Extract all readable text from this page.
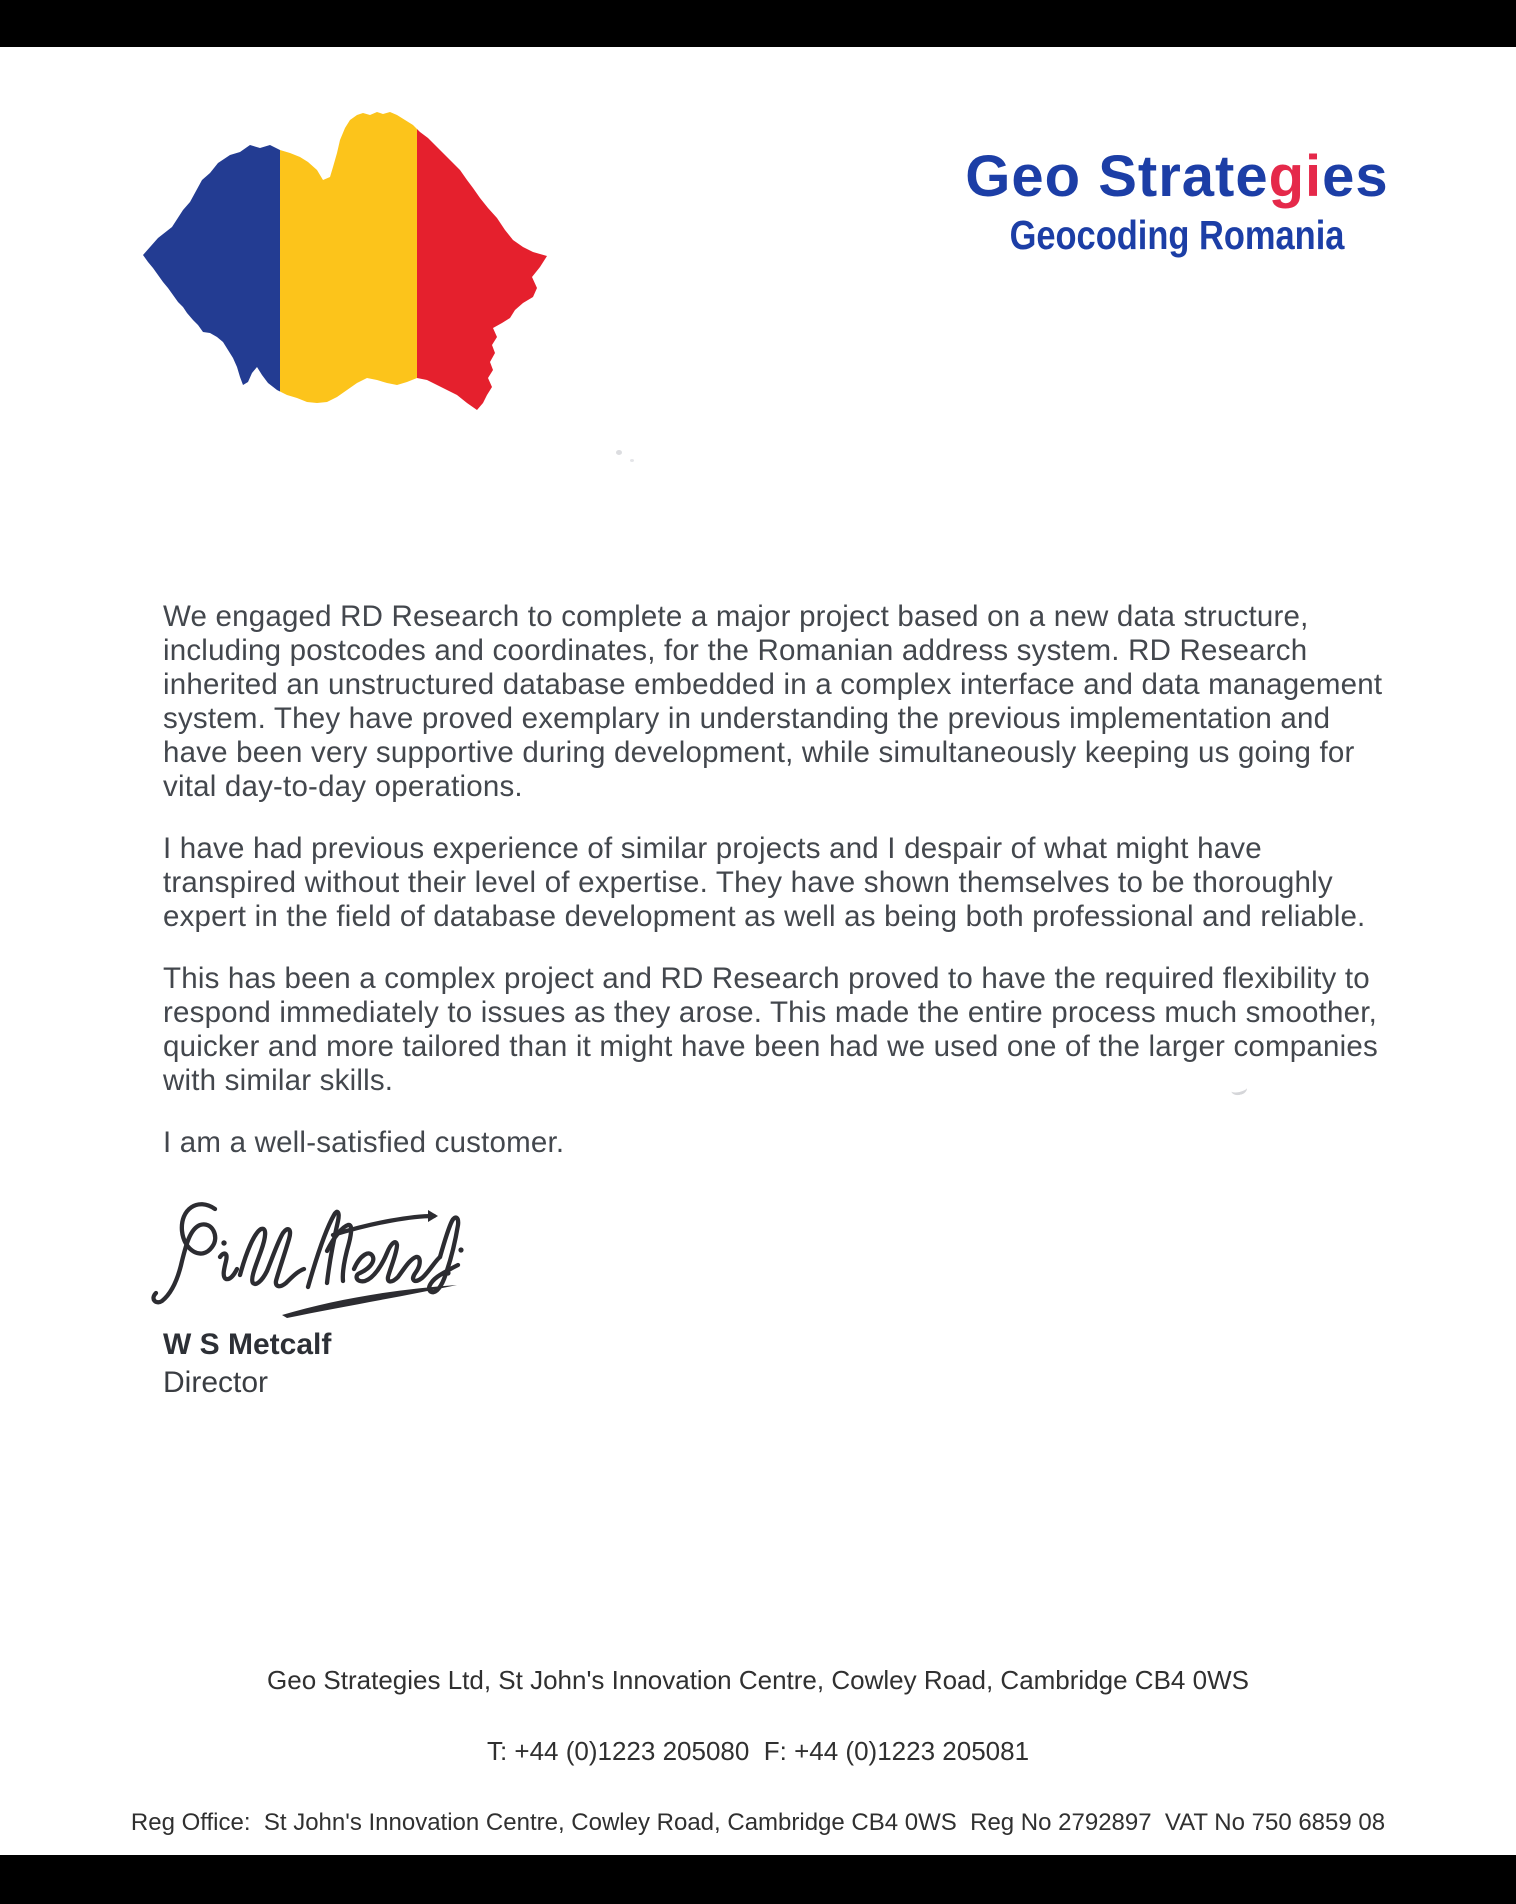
Geo Strategies
Geocoding Romania

We engaged RD Research to complete a major project based on a new data structure,
including postcodes and coordinates, for the Romanian address system. RD Research
inherited an unstructured database embedded in a complex interface and data management
system. They have proved exemplary in understanding the previous implementation and
have been very supportive during development, while simultaneously keeping us going for
vital day-to-day operations.

I have had previous experience of similar projects and I despair of what might have
transpired without their level of expertise. They have shown themselves to be thoroughly
expert in the field of database development as well as being both professional and reliable.

This has been a complex project and RD Research proved to have the required flexibility to
respond immediately to issues as they arose. This made the entire process much smoother,
quicker and more tailored than it might have been had we used one of the larger companies
with similar skills.

I am a well-satisfied customer.

W S Metcalf
Director

Geo Strategies Ltd, St John's Innovation Centre, Cowley Road, Cambridge CB4 0WS

T: +44 (0)1223 205080  F: +44 (0)1223 205081

Reg Office:  St John's Innovation Centre, Cowley Road, Cambridge CB4 0WS  Reg No 2792897  VAT No 750 6859 08
